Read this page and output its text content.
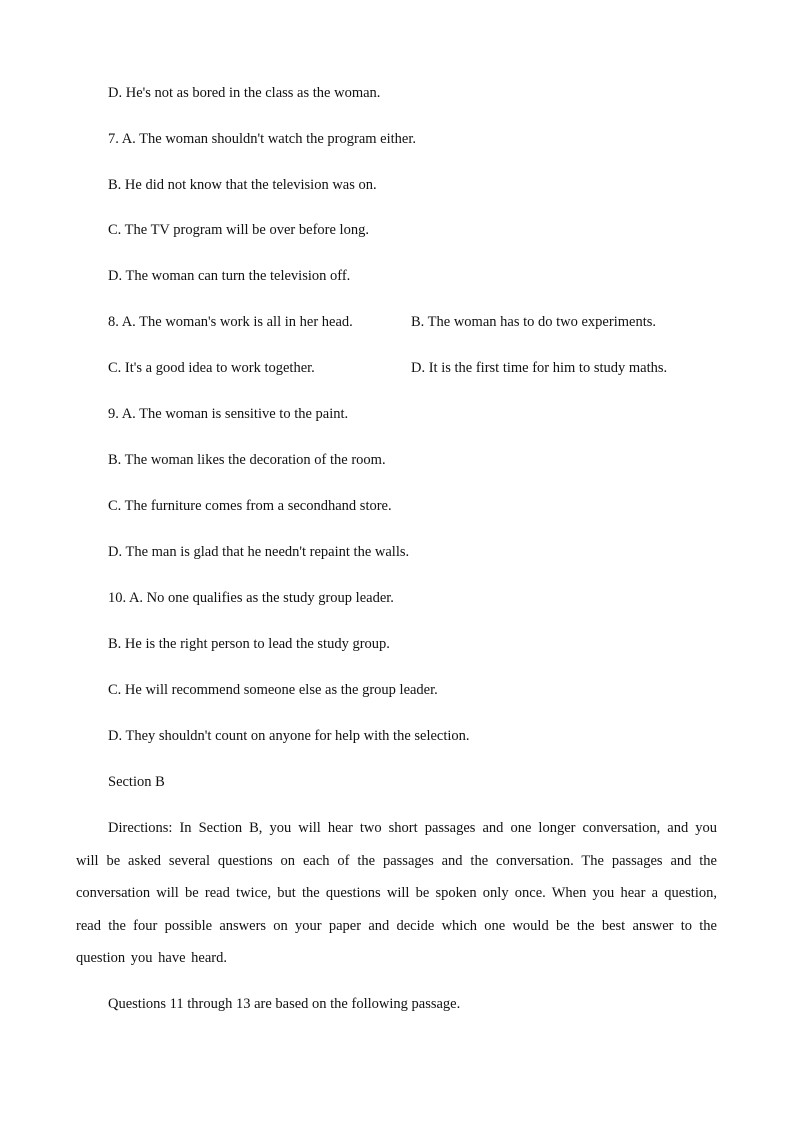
D. He's not as bored in the class as the woman.
7. A. The woman shouldn't watch the program either.
B. He did not know that the television was on.
C. The TV program will be over before long.
D. The woman can turn the television off.
8. A. The woman's work is all in her head.	B. The woman has to do two experiments.
C. It's a good idea to work together.	D. It is the first time for him to study maths.
9. A. The woman is sensitive to the paint.
B. The woman likes the decoration of the room.
C. The furniture comes from a secondhand store.
D. The man is glad that he needn't repaint the walls.
10. A. No one qualifies as the study group leader.
B. He is the right person to lead the study group.
C. He will recommend someone else as the group leader.
D. They shouldn't count on anyone for help with the selection.
Section B
Directions: In Section B, you will hear two short passages and one longer conversation, and you will be asked several questions on each of the passages and the conversation. The passages and the conversation will be read twice, but the questions will be spoken only once. When you hear a question, read the four possible answers on your paper and decide which one would be the best answer to the question you have heard.
Questions 11 through 13 are based on the following passage.
